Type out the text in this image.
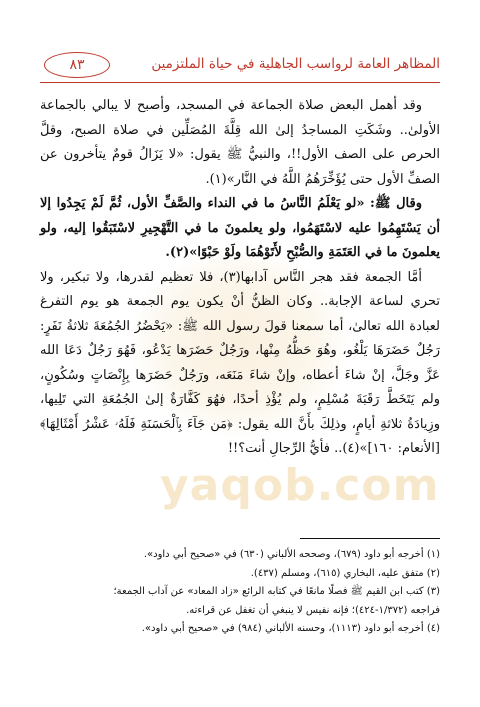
yaqob.com
المظاهر العامة لرواسب الجاهلية في حياة الملتزمين
٨٣

وقد أهمل البعض صلاة الجماعة في المسجد، وأصبح لا يبالي بالجماعة الأولىٰ.. وشَكَتِ المساجدُ إلىٰ الله قِلَّةَ المُصَلِّين في صلاة الصبح، وقلَّ الحرص على الصف الأول!!، والنبيُّ ﷺ يقول: «لا يَزَالُ قومٌ يتأخرون عن الصفِّ الأول حتى يُؤَخِّرَهُمُ اللَّهُ في النَّار»(١).

وقال ﷺ: «لو يَعْلَمُ النَّاسُ ما في النداء والصَّفِّ الأول، ثُمَّ لَمْ يَجِدُوا إلا أن يَسْتَهِمُوا عليه لاسْتَهَمُوا، ولو يعلمونَ ما في التَّهْجِيرِ لاسْتَبَقُوا إليه، ولو يعلمونَ ما في العَتَمَةِ والصُّبْحِ لأَتَوْهُمَا ولَوْ حَبْوًا»(٢).

أمَّا الجمعة فقد هجر النَّاس آدابها(٣)، فلا تعظيم لقدرها، ولا تبكير، ولا تحري لساعة الإجابة.. وكان الظنُّ أنْ يكون يوم الجمعة هو يوم التفرغ لعبادة الله تعالىٰ، أما سمعنا قولَ رسول الله ﷺ: «يَحْضُرُ الجُمُعَةَ ثلاثةُ نَفَرٍ: رَجُلٌ حَضَرَهَا يَلْغُو، وهُوَ حَظُّهُ مِنْها، ورَجُلٌ حَضَرَها يَدْعُو، فَهُوَ رَجُلٌ دَعَا الله عَزَّ وجَلَّ، إنْ شاءَ أعطاه، وإنْ شاءَ مَنَعَه، ورَجُلٌ حَضَرَها بِإِنْصَاتٍ وسُكُونٍ، ولم يَتَخَطَّ رَقَبَةَ مُسْلِمٍ، ولم يُؤْذِ أحدًا، فهُوَ كَفَّارَةٌ إلىٰ الجُمُعَةِ التي تَلِيها، وزِيادَةُ ثلاثةِ أيامٍ، وذلِكَ بأَنَّ الله يقول: ﴿مَن جَآءَ بِٱلْحَسَنَةِ فَلَهُۥ عَشْرُ أَمْثَالِهَا﴾ [الأنعام: ١٦٠]»(٤).. فأيُّ الرِّجالِ أنت؟!!

(١) أخرجه أبو داود (٦٧٩)، وصححه الألباني (٦٣٠) في «صحيح أبي داود».
(٢) متفق عليه، البخاري (٦١٥)، ومسلم (٤٣٧).
(٣) كتب ابن القيم ﷺ فصلًا مانعًا في كتابه الرائع «زاد المعاد» عن آداب الجمعة؛
فراجعه (١/٣٧٢-٤٢٤)؛ فإنه نفيس لا ينبغي أن تغفل عن قراءته.
(٤) أخرجه أبو داود (١١١٣)، وحسنه الألباني (٩٨٤) في «صحيح أبي داود».
